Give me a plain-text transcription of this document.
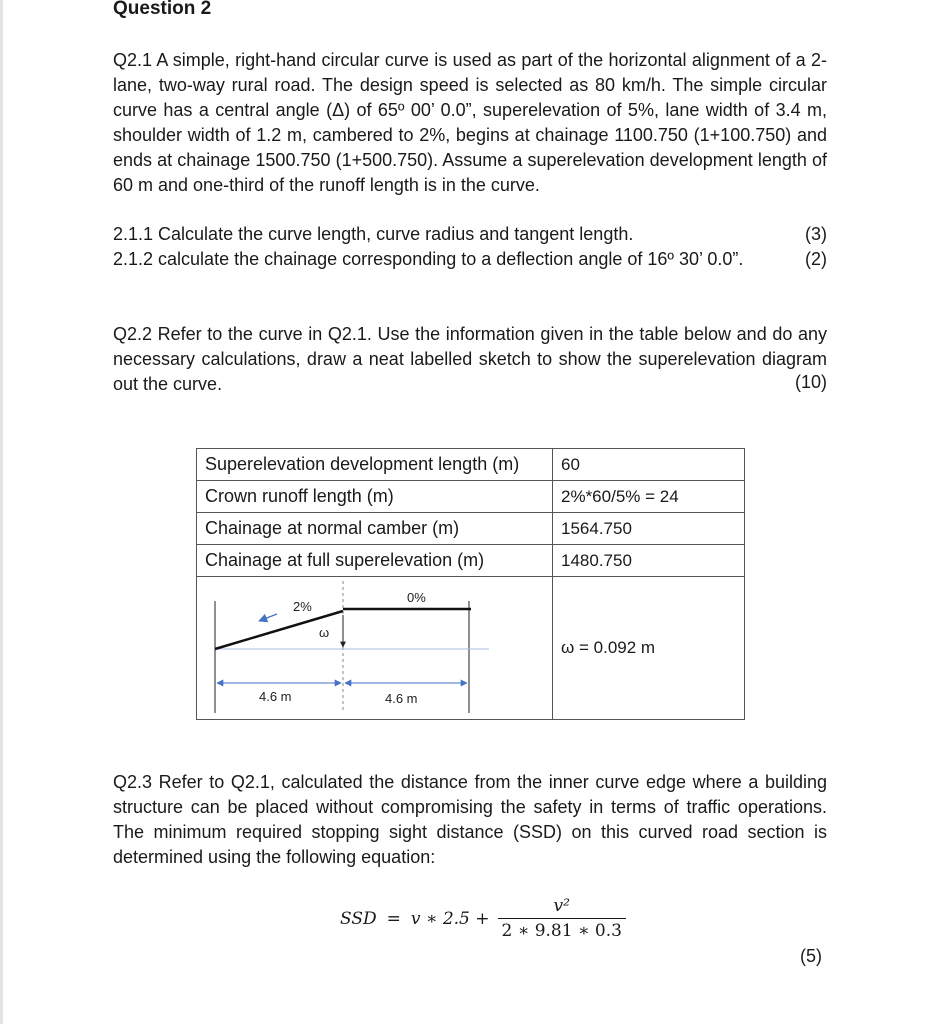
Question 2
Q2.1 A simple, right-hand circular curve is used as part of the horizontal alignment of a 2-lane, two-way rural road. The design speed is selected as 80 km/h. The simple circular curve has a central angle (Δ) of 65º 00’ 0.0”, superelevation of 5%, lane width of 3.4 m, shoulder width of 1.2 m, cambered to 2%, begins at chainage 1100.750 (1+100.750) and ends at chainage 1500.750 (1+500.750). Assume a superelevation development length of 60 m and one-third of the runoff length is in the curve.
2.1.1 Calculate the curve length, curve radius and tangent length.	(3)
2.1.2 calculate the chainage corresponding to a deflection angle of 16º 30’ 0.0”.	(2)
Q2.2 Refer to the curve in Q2.1. Use the information given in the table below and do any necessary calculations, draw a neat labelled sketch to show the superelevation diagram out the curve.	(10)
Superelevation development length (m)	60
Crown runoff length (m)	2%*60/5% = 24
Chainage at normal camber (m)	1564.750
Chainage at full superelevation (m)	1480.750

2%
0%
ω
4.6 m 4.6 m	ω = 0.092 m
Q2.3 Refer to Q2.1, calculated the distance from the inner curve edge where a building structure can be placed without compromising the safety in terms of traffic operations. The minimum required stopping sight distance (SSD) on this curved road section is determined using the following equation:
SSD = v ∗ $2.5 + \frac{\text{v²}}{2 ∗ 9.81 ∗ 0.3}$
(5)
